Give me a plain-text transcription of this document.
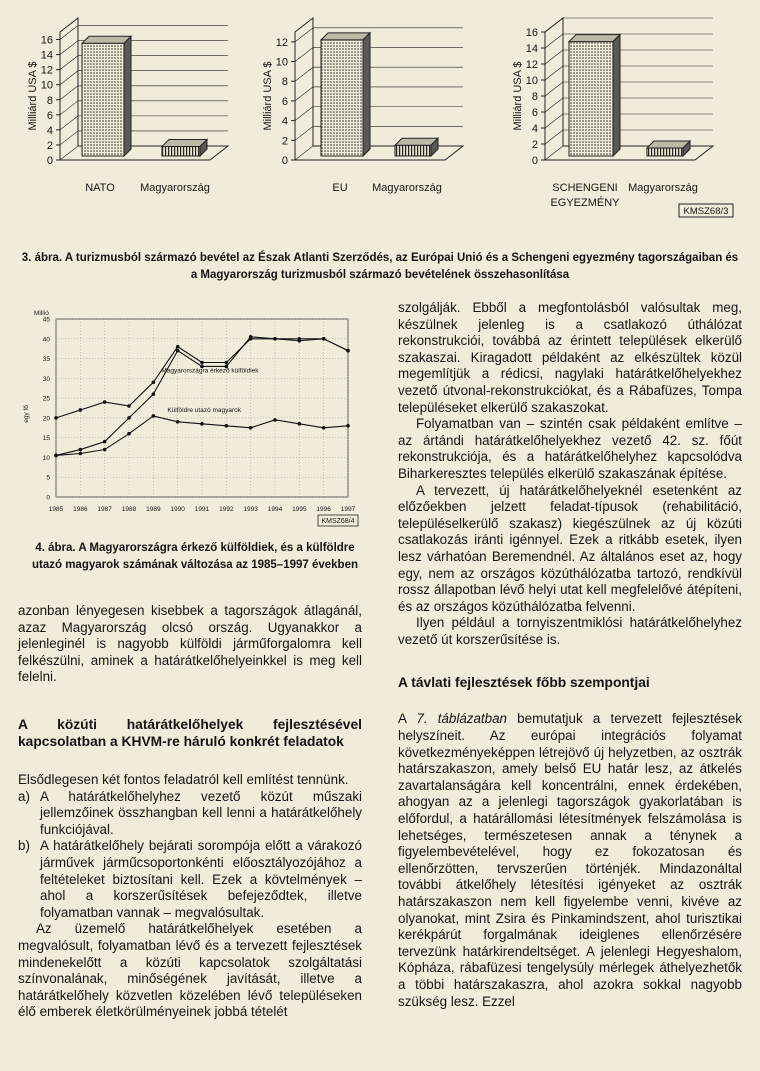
0
2
4
6
8
10
12
14
16
Milliárd USA $
NATO Magyarország
0
2
4
6
8
10
12
Milliárd USA $
EU Magyarország
0
2
4
6
8
10
12
14
16
Milliárd USA $
SCHENGENI
EGYEZMÉNY
Magyarország
KMSZ68/3
3. ábra. A turizmusból származó bevétel az Észak Atlanti Szerződés, az Európai Unió és a Schengeni egyezmény tagországaiban és a Magyarország turizmusból származó bevételének összehasonlítása
1985 1986 1987 1988 1989 1990 1991 1992 1993 1994 1995 1996 1997
0
5
10
15
20
25
30
35
40
45
Millió
egy fő
Magyarországra érkező külföldiek
Külföldre utazó magyarok
KMSZ68/4
4. ábra. A Magyarországra érkező külföldiek, és a külföldre utazó magyarok számának változása az 1985–1997 években

azonban lényegesen kisebbek a tagországok átlagánál, azaz Magyarország olcsó ország. Ugyanakkor a jelenleginél is nagyobb külföldi járműforgalomra kell felkészülni, aminek a határátkelőhelyeinkkel is meg kell felelni.

A közúti határátkelőhelyek fejlesztésével kapcsolatban a KHVM-re háruló konkrét feladatok

Elsődlegesen két fontos feladatról kell említést tennünk.

a) A határátkelőhelyhez vezető közút műszaki jellemzőinek összhangban kell lenni a határátkelőhely funkciójával.
b) A határátkelőhely bejárati sorompója előtt a várakozó járművek járműcsoportonkénti előosztályozójához a feltételeket biztosítani kell. Ezek a kövtelmények – ahol a korszerűsítések befejeződtek, illetve folyamatban vannak – megvalósultak.

Az üzemelő határátkelőhelyek esetében a megvalósult, folyamatban lévő és a tervezett fejlesztések mindenekelőtt a közúti kapcsolatok szolgáltatási színvonalának, minőségének javítását, illetve a határátkelőhely közvetlen közelében lévő településeken élő emberek életkörülményeinek jobbá tételét

szolgálják. Ebből a megfontolásból valósultak meg, készülnek jelenleg is a csatlakozó úthálózat rekonstrukciói, továbbá az érintett települések elkerülő szakaszai. Kiragadott példaként az elkészültek közül megemlítjük a rédicsi, nagylaki határátkelőhelyekhez vezető útvonal-rekonstrukciókat, és a Rábafüzes, Tompa településeket elkerülő szakaszokat.

Folyamatban van – szintén csak példaként említve – az ártándi határátkelőhelyekhez vezető 42. sz. főút rekonstrukciója, és a határátkelőhelyhez kapcsolódva Biharkeresztes település elkerülő szakaszának építése.

A tervezett, új határátkelőhelyeknél esetenként az előzőekben jelzett feladat-típusok (rehabilitáció, településelkerülő szakasz) kiegészülnek az új közúti csatlakozás iránti igénnyel. Ezek a ritkább esetek, ilyen lesz várhatóan Beremendnél. Az általános eset az, hogy egy, nem az országos közúthálózatba tartozó, rendkívül rossz állapotban lévő helyi utat kell megfelelővé átépíteni, és az országos közúthálózatba felvenni.

Ilyen például a tornyiszentmiklósi határátkelőhelyhez vezető út korszerűsítése is.

A távlati fejlesztések főbb szempontjai

A 7. táblázatban bemutatjuk a tervezett fejlesztések helyszíneit. Az európai integrációs folyamat következményeképpen létrejövő új helyzetben, az osztrák határszakaszon, amely belső EU határ lesz, az átkelés zavartalanságára kell koncentrálni, ennek érdekében, ahogyan az a jelenlegi tagországok gyakorlatában is előfordul, a határállomási létesítmények felszámolása is lehetséges, természetesen annak a ténynek a figyelembevételével, hogy ez fokozatosan és ellenőrzötten, tervszerűen történjék. Mindazonáltal további átkelőhely létesítési igényeket az osztrák határszakaszon nem kell figyelembe venni, kivéve az olyanokat, mint Zsira és Pinkamindszent, ahol turisztikai kerékpárút forgalmának ideiglenes ellenőrzésére tervezünk határkirendeltséget. A jelenlegi Hegyeshalom, Kópháza, rábafüzesi tengelysúly mérlegek áthelyezhetők a többi határszakaszra, ahol azokra sokkal nagyobb szükség lesz. Ezzel
